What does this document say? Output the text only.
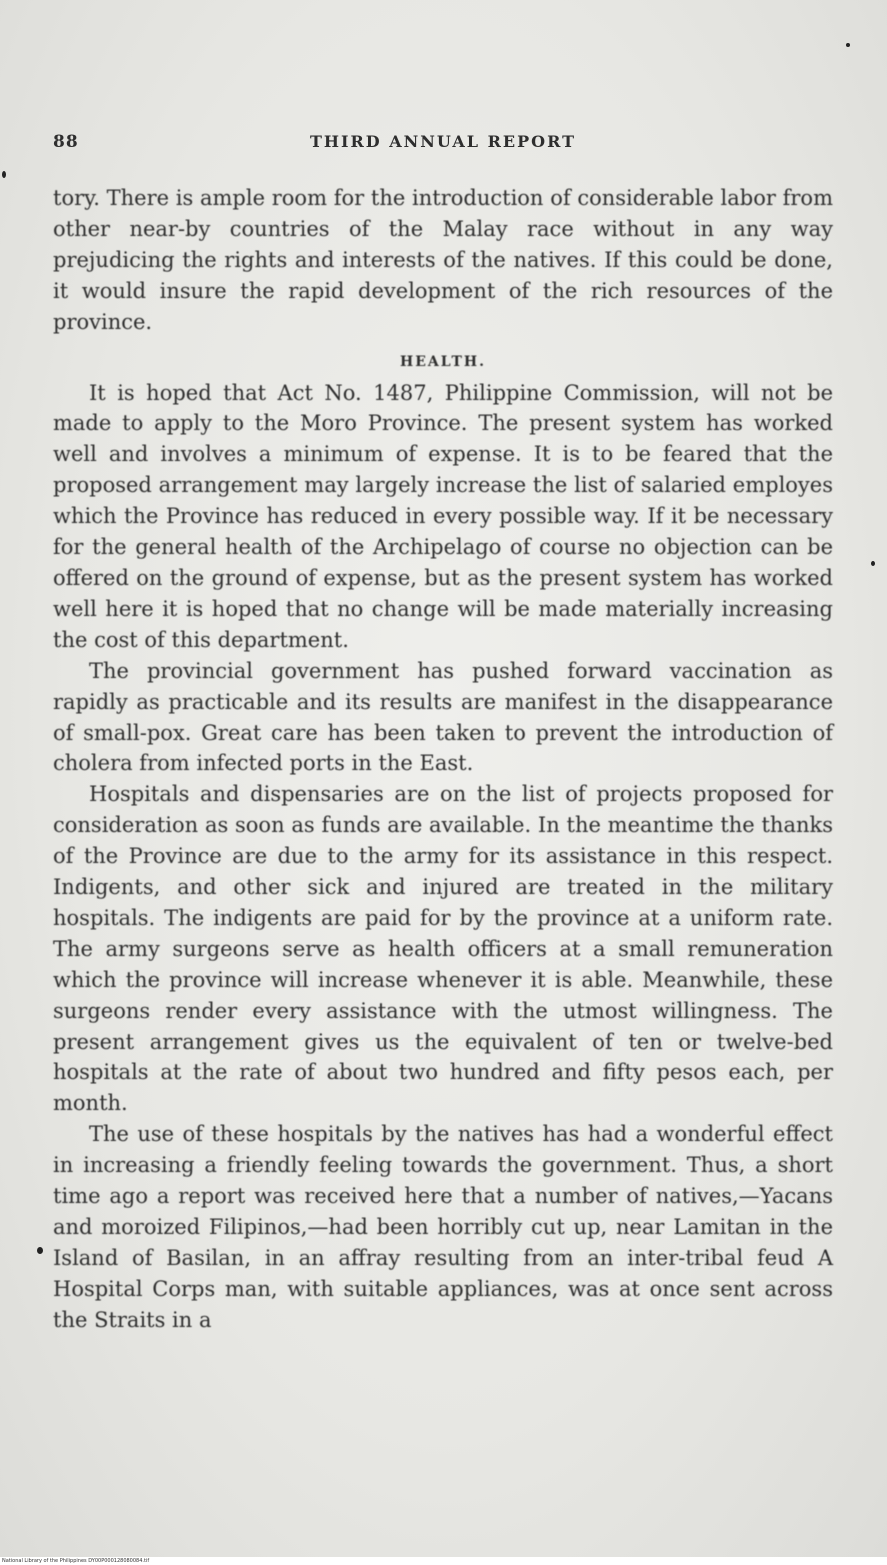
88	THIRD ANNUAL REPORT

tory. There is ample room for the introduction of considerable labor from other near-by countries of the Malay race without in any way prejudicing the rights and interests of the natives. If this could be done, it would insure the rapid development of the rich resources of the province.

HEALTH.

It is hoped that Act No. 1487, Philippine Commission, will not be made to apply to the Moro Province. The present system has worked well and involves a minimum of expense. It is to be feared that the proposed arrangement may largely increase the list of salaried employes which the Province has reduced in every possible way. If it be necessary for the general health of the Archipelago of course no objection can be offered on the ground of expense, but as the present system has worked well here it is hoped that no change will be made materially increasing the cost of this department.

The provincial government has pushed forward vaccination as rapidly as practicable and its results are manifest in the disappearance of small-pox. Great care has been taken to prevent the introduction of cholera from infected ports in the East.

Hospitals and dispensaries are on the list of projects proposed for consideration as soon as funds are available. In the meantime the thanks of the Province are due to the army for its assistance in this respect. Indigents, and other sick and injured are treated in the military hospitals. The indigents are paid for by the province at a uniform rate. The army surgeons serve as health officers at a small remuneration which the province will increase whenever it is able. Meanwhile, these surgeons render every assistance with the utmost willingness. The present arrangement gives us the equivalent of ten or twelve-bed hospitals at the rate of about two hundred and fifty pesos each, per month.

The use of these hospitals by the natives has had a wonderful effect in increasing a friendly feeling towards the government. Thus, a short time ago a report was received here that a number of natives,—Yacans and moroized Filipinos,—had been horribly cut up, near Lamitan in the Island of Basilan, in an affray resulting from an inter-tribal feud A Hospital Corps man, with suitable appliances, was at once sent across the Straits in a

National Library of the Philippines DY00P000128080084.tif
